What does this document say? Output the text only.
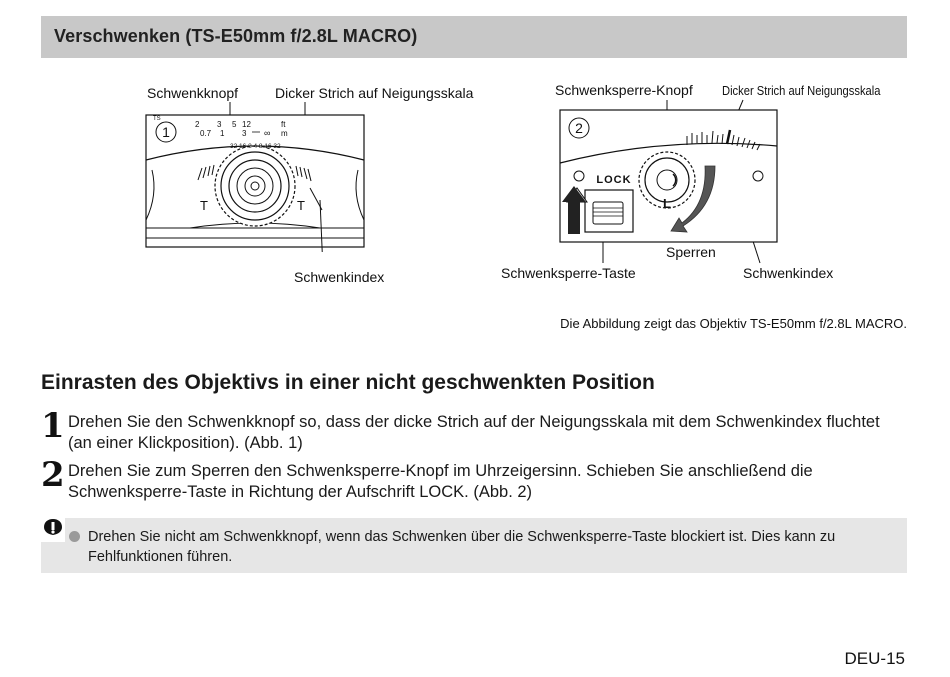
Verschwenken (TS-E50mm f/2.8L MACRO)
Schwenkknopf	Dicker Strich auf Neigungsskala
Schwenkindex
1
TS
2 3 5 12	ft
0.7 1 3 ∞ m
32 16 8 4 8 16 32
T	T
Schwenksperre-Knopf Dicker Strich auf Neigungsskala
Sperren
Schwenksperre-Taste	Schwenkindex
2
LOCK
L
Die Abbildung zeigt das Objektiv TS-E50mm f/2.8L MACRO.
Einrasten des Objektivs in einer nicht geschwenkten Position
1 Drehen Sie den Schwenkknopf so, dass der dicke Strich auf der Neigungsskala mit dem Schwenkindex fluchtet (an einer Klickposition). (Abb. 1)
2 Drehen Sie zum Sperren den Schwenksperre-Knopf im Uhrzeigersinn. Schieben Sie anschließend die Schwenksperre-Taste in Richtung der Aufschrift LOCK. (Abb. 2)
Drehen Sie nicht am Schwenkknopf, wenn das Schwenken über die Schwenksperre-Taste blockiert ist. Dies kann zu Fehlfunktionen führen.
DEU-15
